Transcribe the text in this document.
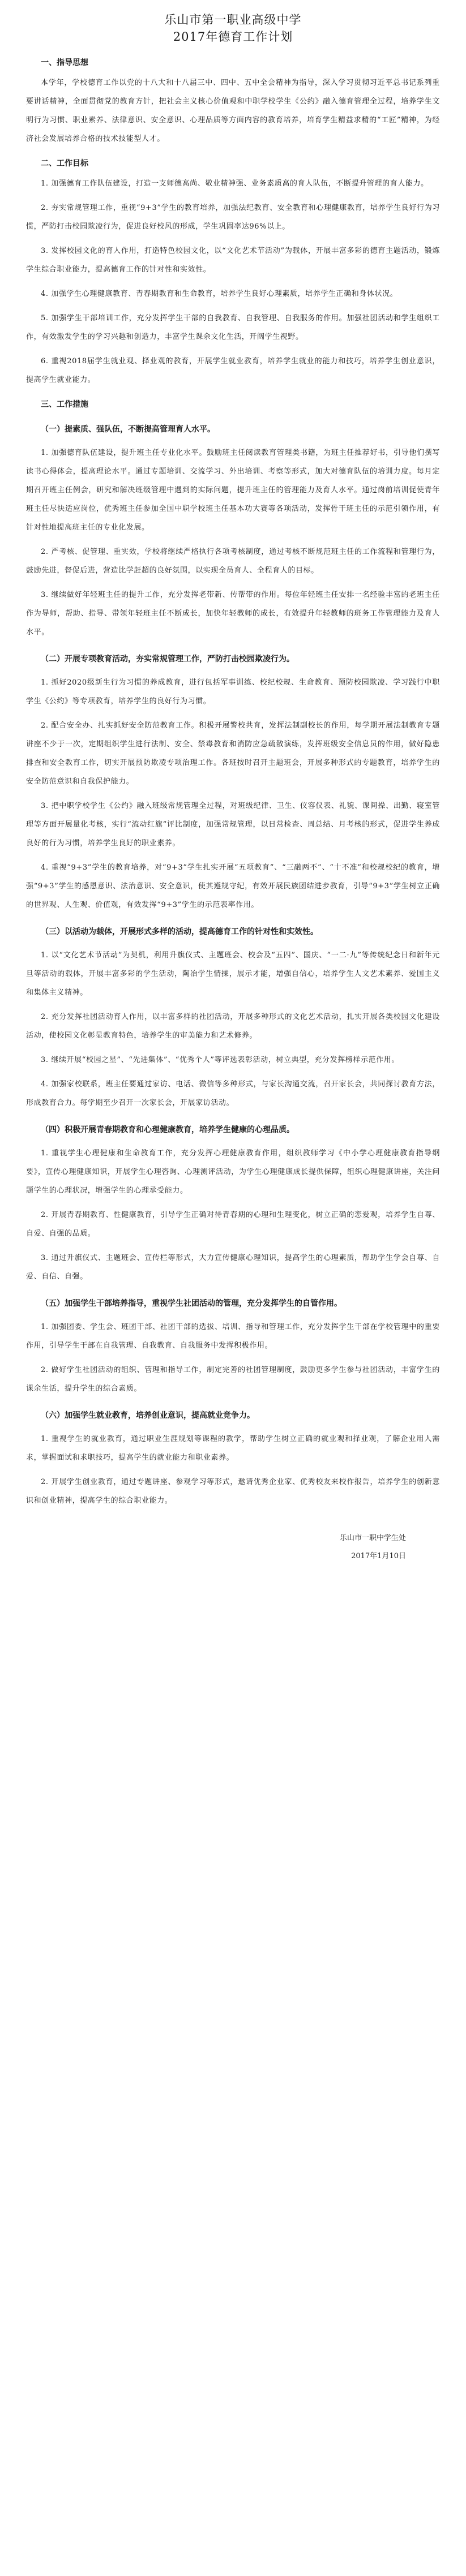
乐山市第一职业高级中学
2017年德育工作计划
一、指导思想

本学年，学校德育工作以党的十八大和十八届三中、四中、五中全会精神为指导，深入学习贯彻习近平总书记系列重要讲话精神，全面贯彻党的教育方针，把社会主义核心价值观和中职学校学生《公约》融入德育管理全过程，培养学生文明行为习惯、职业素养、法律意识、安全意识、心理品质等方面内容的教育培养，培育学生精益求精的“工匠”精神，为经济社会发展培养合格的技术技能型人才。

二、工作目标

1. 加强德育工作队伍建设，打造一支师德高尚、敬业精神强、业务素质高的育人队伍，不断提升管理的育人能力。

2. 夯实常规管理工作，重视“9+3”学生的教育培养，加强法纪教育、安全教育和心理健康教育，培养学生良好行为习惯，严防打击校园欺凌行为，促进良好校风的形成，学生巩固率达96%以上。

3. 发挥校园文化的育人作用，打造特色校园文化，以“文化艺术节活动”为载体，开展丰富多彩的德育主题活动，锻炼学生综合职业能力，提高德育工作的针对性和实效性。

4. 加强学生心理健康教育、青春期教育和生命教育，培养学生良好心理素质，培养学生正确和身体状况。

5. 加强学生干部培训工作，充分发挥学生干部的自我教育、自我管理、自我服务的作用。加强社团活动和学生组织工作，有效激发学生的学习兴趣和创造力，丰富学生课余文化生活，开阔学生视野。

6. 重视2018届学生就业观、择业观的教育，开展学生就业教育，培养学生就业的能力和技巧，培养学生创业意识，提高学生就业能力。

三、工作措施
（一）提素质、强队伍，不断提高管理育人水平。

1. 加强德育队伍建设，提升班主任专业化水平。鼓励班主任阅读教育管理类书籍，为班主任推荐好书，引导他们撰写读书心得体会，提高理论水平。通过专题培训、交流学习、外出培训、考察等形式，加大对德育队伍的培训力度。每月定期召开班主任例会，研究和解决班级管理中遇到的实际问题，提升班主任的管理能力及育人水平。通过岗前培训促使青年班主任尽快适应岗位，优秀班主任参加全国中职学校班主任基本功大赛等各项活动，发挥骨干班主任的示范引领作用，有针对性地提高班主任的专业化发展。

2. 严考核、促管理、重实效，学校将继续严格执行各项考核制度，通过考核不断规范班主任的工作流程和管理行为，鼓励先进，督促后进，营造比学赶超的良好氛围，以实现全员育人、全程育人的目标。

3. 继续做好年轻班主任的提升工作，充分发挥老带新、传帮带的作用。每位年轻班主任安排一名经验丰富的老班主任作为导师，帮助、指导、带领年轻班主任不断成长，加快年轻教师的成长，有效提升年轻教师的班务工作管理能力及育人水平。

（二）开展专项教育活动，夯实常规管理工作，严防打击校园欺凌行为。

1. 抓好2020级新生行为习惯的养成教育，进行包括军事训练、校纪校规、生命教育、预防校园欺凌、学习践行中职学生《公约》等专项教育，培养学生的良好行为习惯。

2. 配合安全办、扎实抓好安全防范教育工作。积极开展警校共育，发挥法制副校长的作用，每学期开展法制教育专题讲座不少于一次，定期组织学生进行法制、安全、禁毒教育和消防应急疏散演练，发挥班级安全信息员的作用，做好隐患排查和安全教育工作，切实开展预防欺凌专项治理工作。各班按时召开主题班会，开展多种形式的专题教育，培养学生的安全防范意识和自我保护能力。

3. 把中职学校学生《公约》融入班级常规管理全过程，对班级纪律、卫生、仪容仪表、礼貌、课间操、出勤、寝室管理等方面开展量化考核，实行“流动红旗”评比制度，加强常规管理，以日常检查、周总结、月考核的形式，促进学生养成良好的行为习惯，培养学生良好的职业素养。

4. 重视“9+3”学生的教育培养，对“9+3”学生扎实开展“五项教育”、“三融两不”、“十不准”和校规校纪的教育，增强“9+3”学生的感恩意识、法治意识、安全意识，使其遵规守纪，有效开展民族团结进步教育，引导“9+3”学生树立正确的世界观、人生观、价值观，有效发挥“9+3”学生的示范表率作用。

（三）以活动为载体，开展形式多样的活动，提高德育工作的针对性和实效性。

1. 以“文化艺术节活动”为契机，利用升旗仪式、主题班会、校会及“五四”、国庆、“一二·九”等传统纪念日和新年元旦等活动的载体，开展丰富多彩的学生活动，陶冶学生情操，展示才能，增强自信心，培养学生人文艺术素养、爱国主义和集体主义精神。

2. 充分发挥社团活动育人作用，以丰富多样的社团活动，开展多种形式的文化艺术活动，扎实开展各类校园文化建设活动，使校园文化彰显教育特色，培养学生的审美能力和艺术修养。

3. 继续开展“校园之星”、“先进集体”、“优秀个人”等评选表彰活动，树立典型，充分发挥榜样示范作用。

4. 加强家校联系，班主任要通过家访、电话、微信等多种形式，与家长沟通交流，召开家长会，共同探讨教育方法，形成教育合力。每学期至少召开一次家长会，开展家访活动。

（四）积极开展青春期教育和心理健康教育，培养学生健康的心理品质。

1. 重视学生心理健康和生命教育工作，充分发挥心理健康教育作用，组织教师学习《中小学心理健康教育指导纲要》，宣传心理健康知识，开展学生心理咨询、心理测评活动，为学生心理健康成长提供保障，组织心理健康讲座，关注问题学生的心理状况，增强学生的心理承受能力。

2. 开展青春期教育、性健康教育，引导学生正确对待青春期的心理和生理变化，树立正确的恋爱观，培养学生自尊、自爱、自强的品质。

3. 通过升旗仪式、主题班会、宣传栏等形式，大力宣传健康心理知识，提高学生的心理素质，帮助学生学会自尊、自爱、自信、自强。

（五）加强学生干部培养指导，重视学生社团活动的管理，充分发挥学生的自管作用。

1. 加强团委、学生会、班团干部、社团干部的选拔、培训、指导和管理工作，充分发挥学生干部在学校管理中的重要作用，引导学生干部在自我管理、自我教育、自我服务中发挥积极作用。

2. 做好学生社团活动的组织、管理和指导工作，制定完善的社团管理制度，鼓励更多学生参与社团活动，丰富学生的课余生活，提升学生的综合素质。

（六）加强学生就业教育，培养创业意识，提高就业竞争力。

1. 重视学生的就业教育，通过职业生涯规划等课程的教学，帮助学生树立正确的就业观和择业观，了解企业用人需求，掌握面试和求职技巧，提高学生的就业能力和职业素养。

2. 开展学生创业教育，通过专题讲座、参观学习等形式，邀请优秀企业家、优秀校友来校作报告，培养学生的创新意识和创业精神，提高学生的综合职业能力。

乐山市一职中学生处
2017年1月10日
